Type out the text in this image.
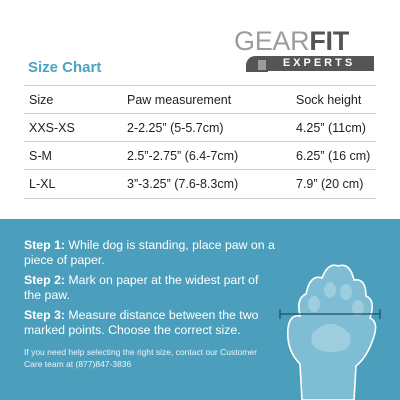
GEARFIT
EXPERTS
Size Chart
Size	Paw measurement	Sock height
XXS-XS	2-2.25” (5-5.7cm)	4.25” (11cm)
S-M	2.5”-2.75” (6.4-7cm)	6.25” (16 cm)
L-XL	3”-3.25” (7.6-8.3cm)	7.9” (20 cm)

Step 1: While dog is standing, place paw on a piece of paper.

Step 2: Mark on paper at the widest part of the paw.

Step 3: Measure distance between the two marked points. Choose the correct size.

If you need help selecting the right size, contact our Customer Care team at (877)847-3836
